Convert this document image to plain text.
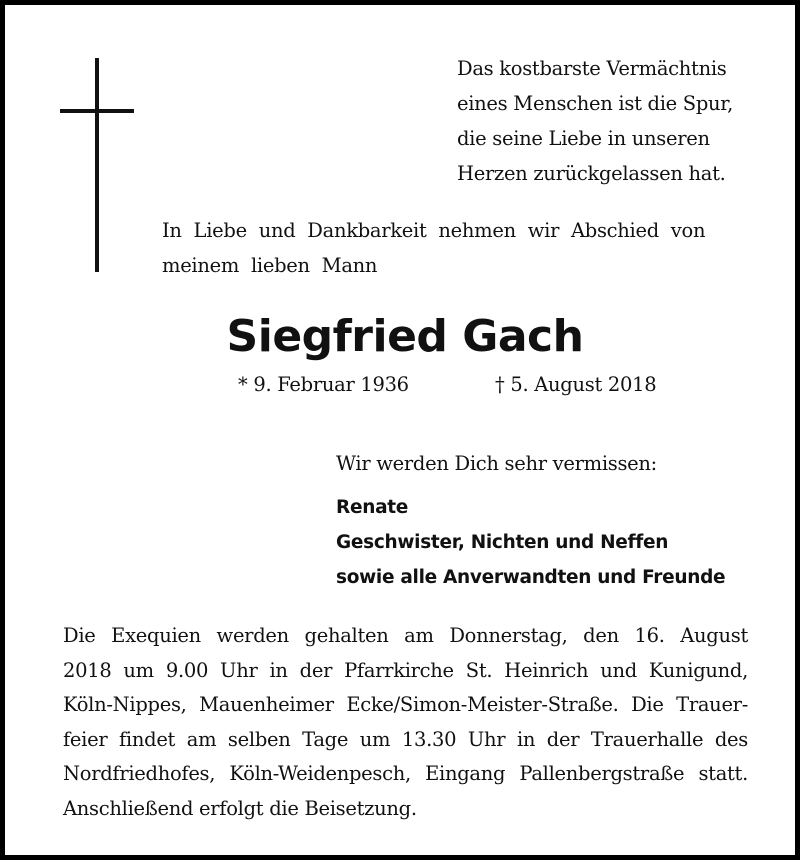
Das kostbarste Vermächtnis
eines Menschen ist die Spur,
die seine Liebe in unseren
Herzen zurückgelassen hat.
In Liebe und Dankbarkeit nehmen wir Abschied von
meinem lieben Mann
Siegfried Gach
* 9. Februar 1936	† 5. August 2018
Wir werden Dich sehr vermissen:
Renate
Geschwister, Nichten und Neffen
sowie alle Anverwandten und Freunde
Die Exequien werden gehalten am Donnerstag, den 16. August
2018 um 9.00 Uhr in der Pfarrkirche St. Heinrich und Kunigund,
Köln-Nippes, Mauenheimer Ecke/Simon-Meister-Straße. Die Trauer-
feier findet am selben Tage um 13.30 Uhr in der Trauerhalle des
Nordfriedhofes, Köln-Weidenpesch, Eingang Pallenbergstraße statt.
Anschließend erfolgt die Beisetzung.
